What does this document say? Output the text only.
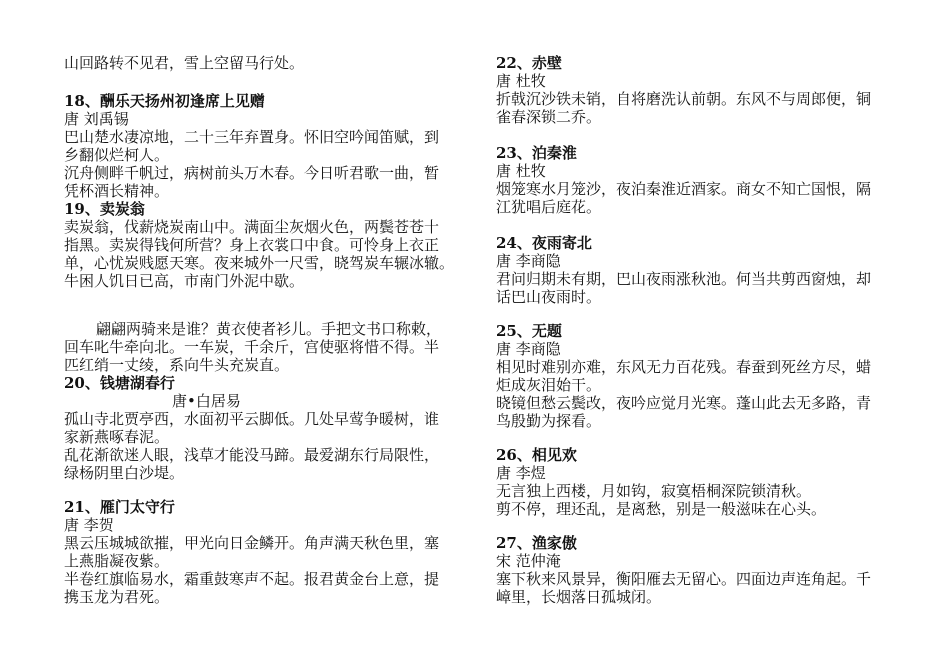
山回路转不见君，雪上空留马行处。
18、酬乐天扬州初逢席上见赠
唐 刘禹锡
巴山楚水凄凉地，二十三年弃置身。怀旧空吟闻笛赋，到
乡翻似烂柯人。
沉舟侧畔千帆过，病树前头万木春。今日听君歌一曲，暂
凭杯酒长精神。
19、卖炭翁
卖炭翁，伐薪烧炭南山中。满面尘灰烟火色，两鬓苍苍十
指黑。卖炭得钱何所营？身上衣裳口中食。可怜身上衣正
单，心忧炭贱愿天寒。夜来城外一尺雪，晓驾炭车辗冰辙。
牛困人饥日已高，市南门外泥中歇。
翩翩两骑来是谁？黄衣使者衫儿。手把文书口称敕，
回车叱牛牵向北。一车炭，千余斤，宫使驱将惜不得。半
匹红绡一丈绫，系向牛头充炭直。
20、钱塘湖春行
唐•白居易
孤山寺北贾亭西，水面初平云脚低。几处早莺争暖树，谁
家新燕啄春泥。
乱花渐欲迷人眼，浅草才能没马蹄。最爱湖东行局限性，
绿杨阴里白沙堤。
21、雁门太守行
唐 李贺
黑云压城城欲摧，甲光向日金鳞开。角声满天秋色里，塞
上燕脂凝夜紫。
半卷红旗临易水，霜重鼓寒声不起。报君黄金台上意，提
携玉龙为君死。
22、赤壁
唐 杜牧
折戟沉沙铁未销，自将磨洗认前朝。东风不与周郎便，铜
雀春深锁二乔。
23、泊秦淮
唐 杜牧
烟笼寒水月笼沙，夜泊秦淮近酒家。商女不知亡国恨，隔
江犹唱后庭花。
24、夜雨寄北
唐 李商隐
君问归期未有期，巴山夜雨涨秋池。何当共剪西窗烛，却
话巴山夜雨时。
25、无题
唐 李商隐
相见时难别亦难，东风无力百花残。春蚕到死丝方尽，蜡
炬成灰泪始干。
晓镜但愁云鬓改，夜吟应觉月光寒。蓬山此去无多路，青
鸟殷勤为探看。
26、相见欢
唐 李煜
无言独上西楼，月如钩，寂寞梧桐深院锁清秋。
剪不停，理还乱，是离愁，别是一般滋味在心头。
27、渔家傲
宋 范仲淹
塞下秋来风景异，衡阳雁去无留心。四面边声连角起。千
嶂里，长烟落日孤城闭。
